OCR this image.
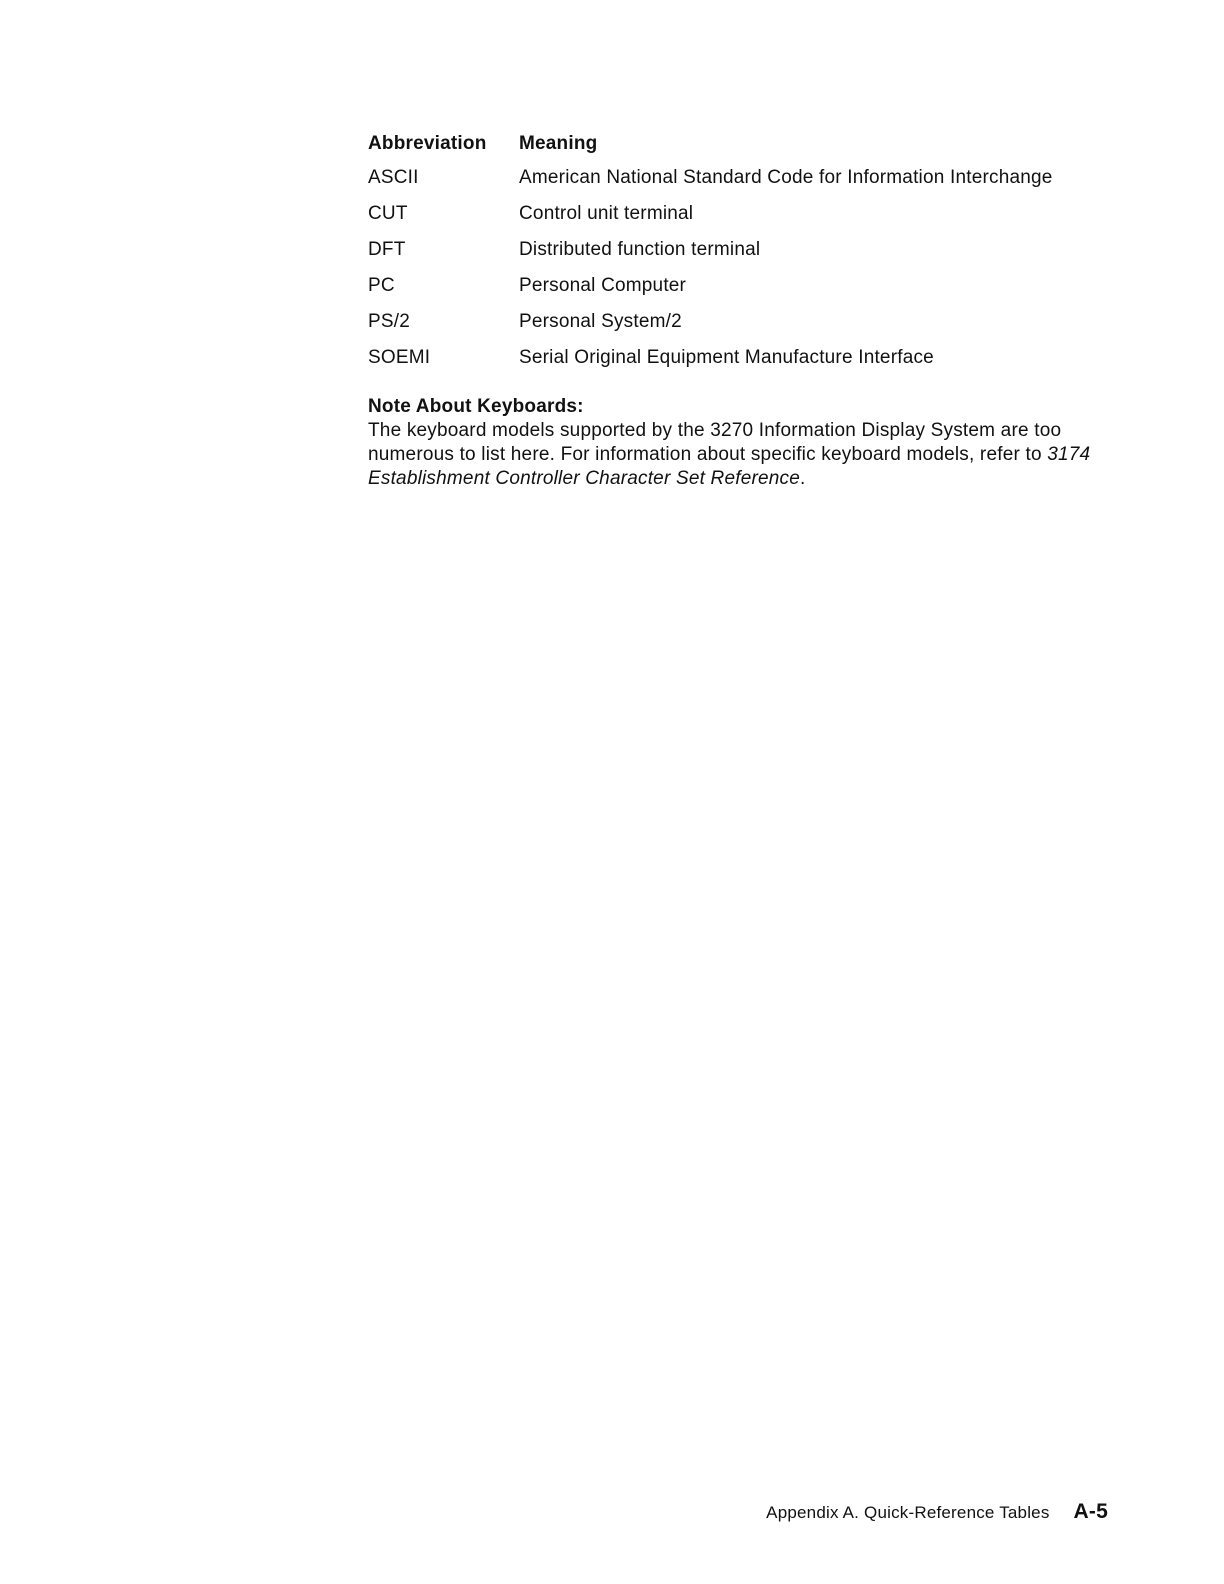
Abbreviation	Meaning
ASCII	American National Standard Code for Information Interchange
CUT	Control unit terminal
DFT	Distributed function terminal
PC	Personal Computer
PS/2	Personal System/2
SOEMI	Serial Original Equipment Manufacture Interface

Note About Keyboards:

The keyboard models supported by the 3270 Information Display System are too numerous to list here. For information about specific keyboard models, refer to 3174 Establishment Controller Character Set Reference.

Appendix A. Quick-Reference Tables A-5
